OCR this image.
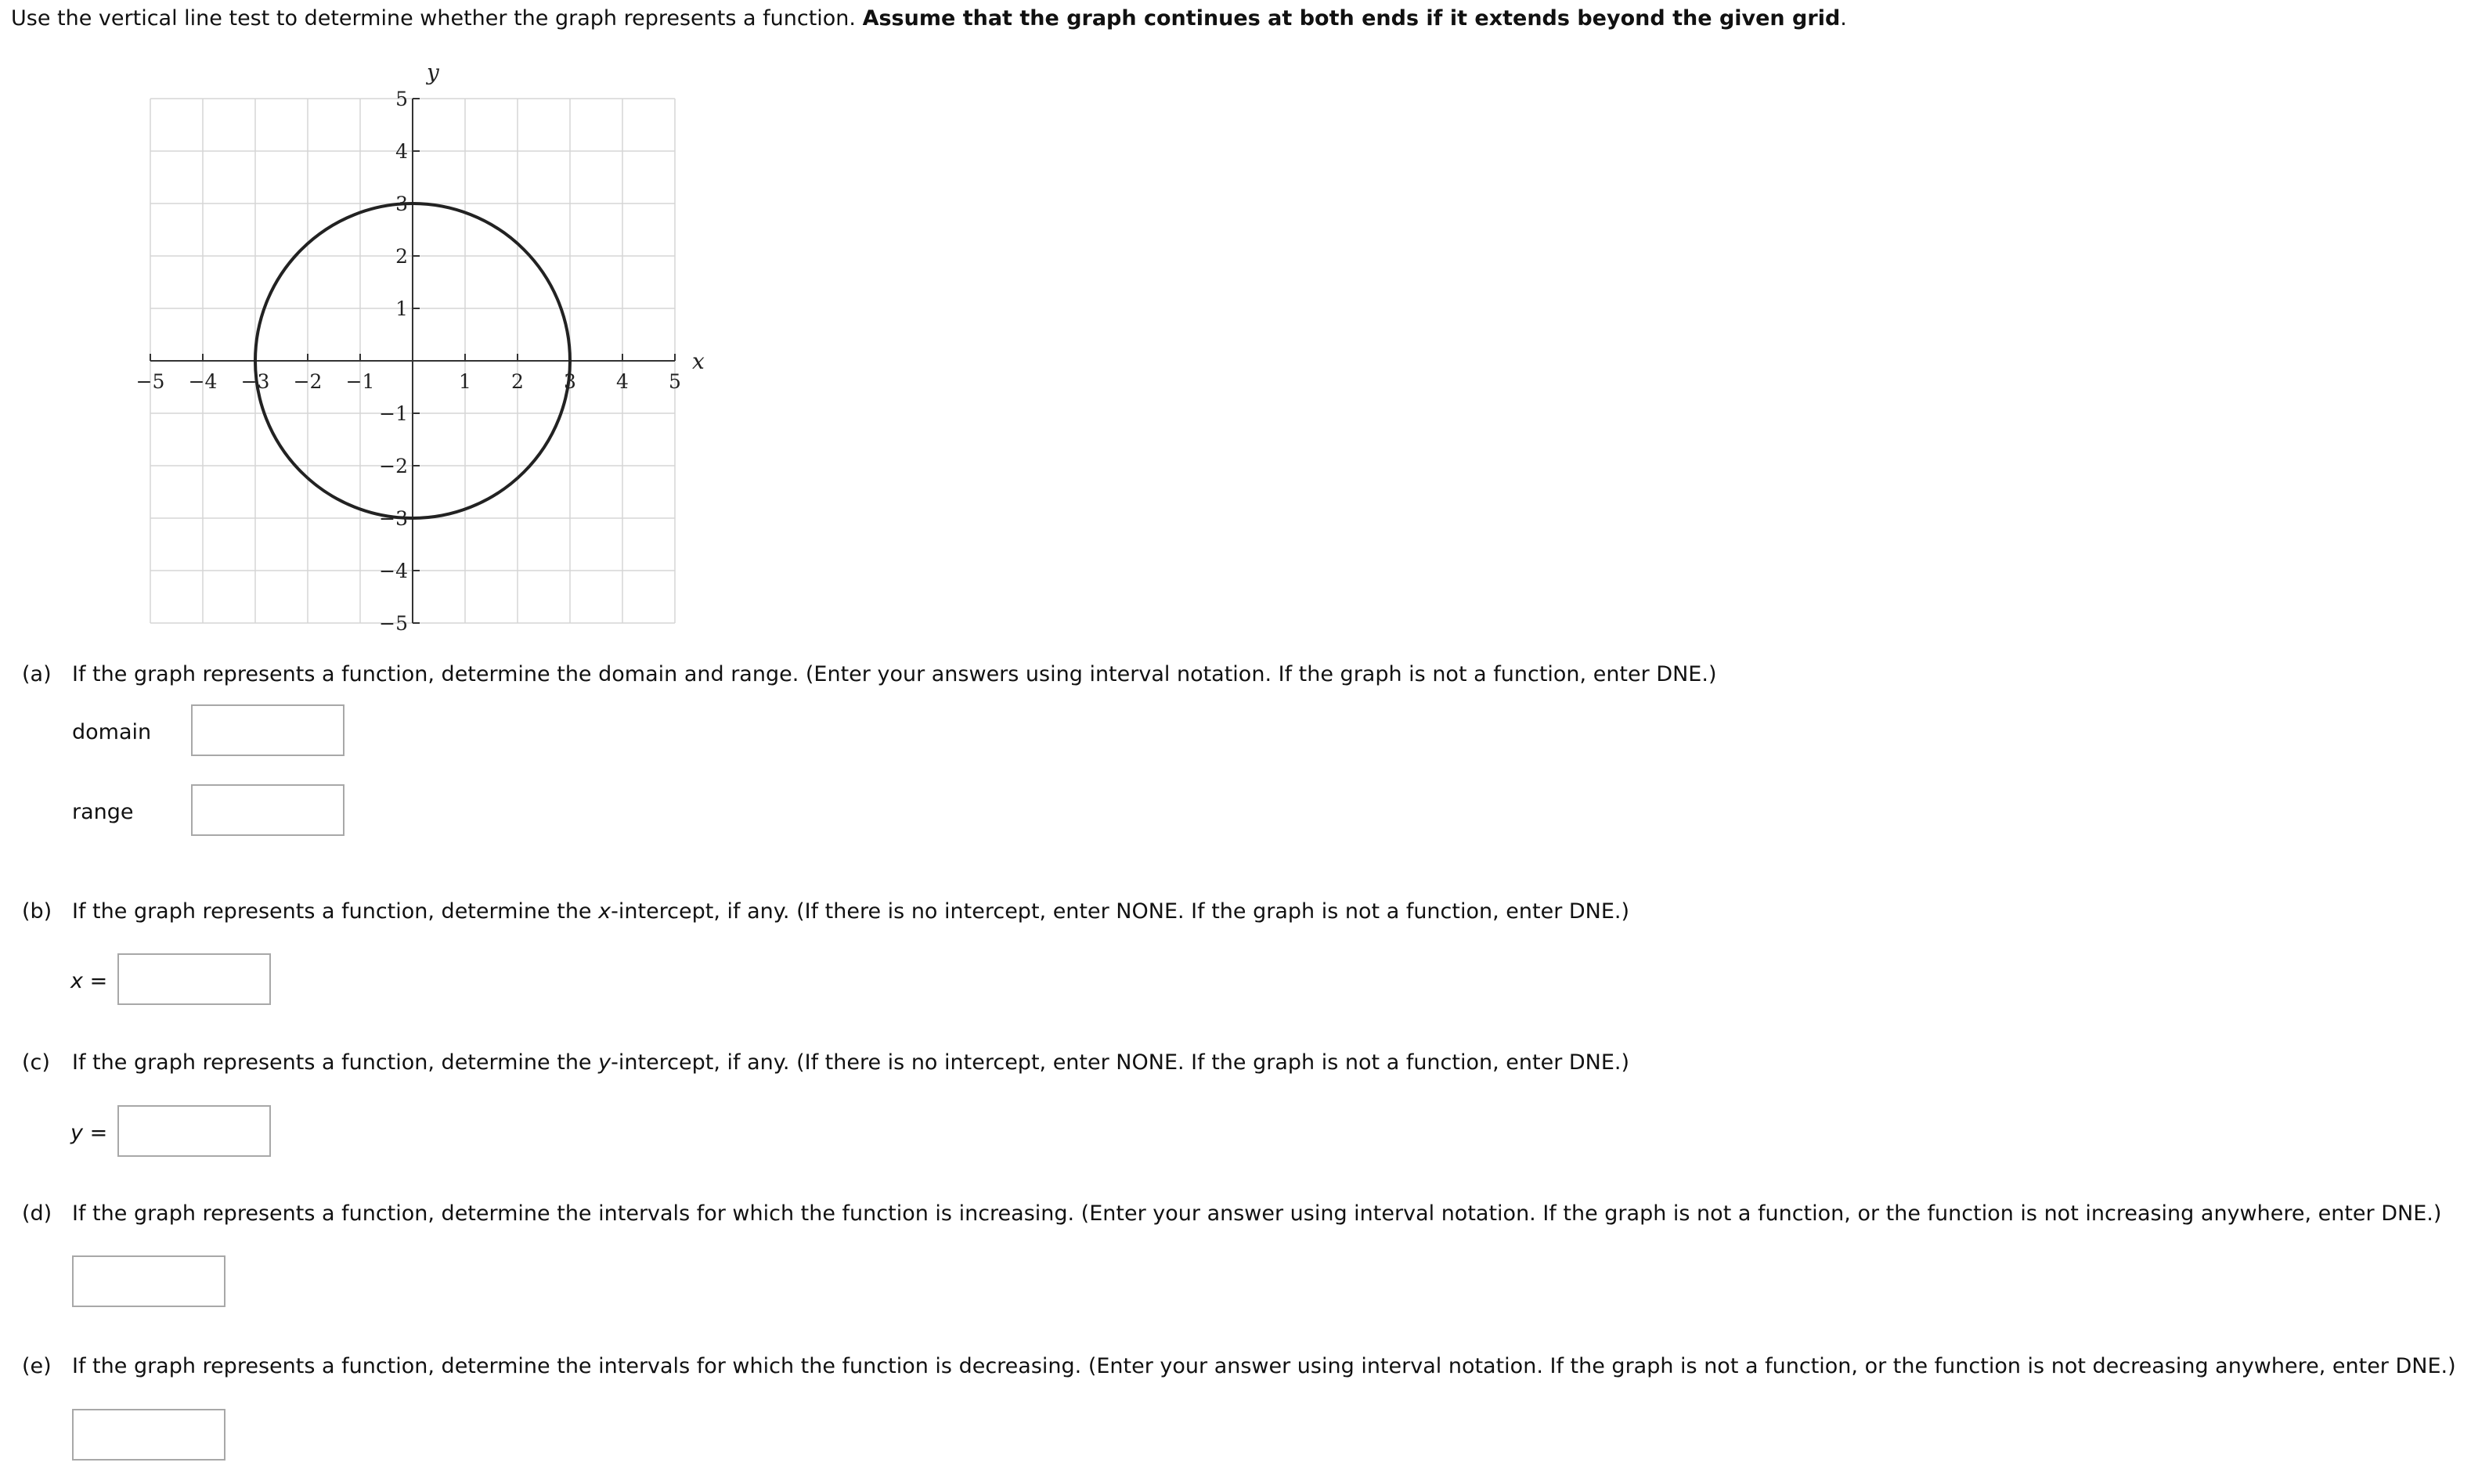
Use the vertical line test to determine whether the graph represents a function. Assume that the graph continues at both ends if it extends beyond the given grid.
−5 −4 −3 −2 −1	1 2 3 4 5
5
4
3
2
1
−1
−2
−3
−4
−5
x
y
(a) If the graph represents a function, determine the domain and range. (Enter your answers using interval notation. If the graph is not a function, enter DNE.)
domain
range
(b) If the graph represents a function, determine the x-intercept, if any. (If there is no intercept, enter NONE. If the graph is not a function, enter DNE.)
x =
(c) If the graph represents a function, determine the y-intercept, if any. (If there is no intercept, enter NONE. If the graph is not a function, enter DNE.)
y =
(d) If the graph represents a function, determine the intervals for which the function is increasing. (Enter your answer using interval notation. If the graph is not a function, or the function is not increasing anywhere, enter DNE.)
(e) If the graph represents a function, determine the intervals for which the function is decreasing. (Enter your answer using interval notation. If the graph is not a function, or the function is not decreasing anywhere, enter DNE.)
